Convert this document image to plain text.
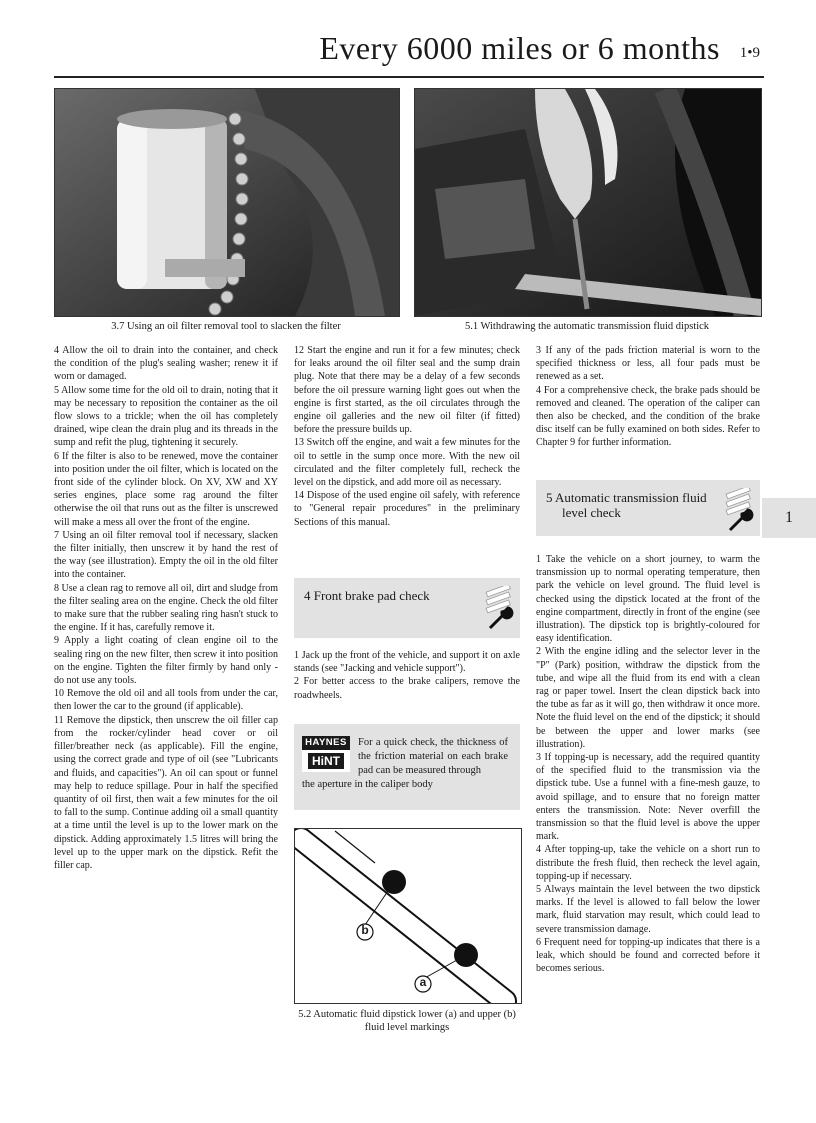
Every 6000 miles or 6 months 1•9
3.7 Using an oil filter removal tool to slacken the filter	5.1 Withdrawing the automatic transmission fluid dipstick

4 Allow the oil to drain into the container, and check the condition of the plug's sealing washer; renew it if worn or damaged.

5 Allow some time for the old oil to drain, noting that it may be necessary to reposition the container as the oil flow slows to a trickle; when the oil has completely drained, wipe clean the drain plug and its threads in the sump and refit the plug, tightening it securely.

6 If the filter is also to be renewed, move the container into position under the oil filter, which is located on the front side of the cylinder block. On XV, XW and XY series engines, place some rag around the filter otherwise the oil that runs out as the filter is unscrewed will make a mess all over the front of the engine.

7 Using an oil filter removal tool if necessary, slacken the filter initially, then unscrew it by hand the rest of the way (see illustration). Empty the oil in the old filter into the container.

8 Use a clean rag to remove all oil, dirt and sludge from the filter sealing area on the engine. Check the old filter to make sure that the rubber sealing ring hasn't stuck to the engine. If it has, carefully remove it.

9 Apply a light coating of clean engine oil to the sealing ring on the new filter, then screw it into position on the engine. Tighten the filter firmly by hand only - do not use any tools.

10 Remove the old oil and all tools from under the car, then lower the car to the ground (if applicable).

11 Remove the dipstick, then unscrew the oil filler cap from the rocker/cylinder head cover or oil filler/breather neck (as applicable). Fill the engine, using the correct grade and type of oil (see "Lubricants and fluids, and capacities"). An oil can spout or funnel may help to reduce spillage. Pour in half the specified quantity of oil first, then wait a few minutes for the oil to fall to the sump. Continue adding oil a small quantity at a time until the level is up to the lower mark on the dipstick. Adding approximately 1.5 litres will bring the level up to the upper mark on the dipstick. Refit the filler cap.

12 Start the engine and run it for a few minutes; check for leaks around the oil filter seal and the sump drain plug. Note that there may be a delay of a few seconds before the oil pressure warning light goes out when the engine is first started, as the oil circulates through the engine oil galleries and the new oil filter (if fitted) before the pressure builds up.

13 Switch off the engine, and wait a few minutes for the oil to settle in the sump once more. With the new oil circulated and the filter completely full, recheck the level on the dipstick, and add more oil as necessary.

14 Dispose of the used engine oil safely, with reference to "General repair procedures" in the preliminary Sections of this manual.

4 Front brake pad check

1 Jack up the front of the vehicle, and support it on axle stands (see "Jacking and vehicle support").

2 For better access to the brake calipers, remove the roadwheels.

HAYNES
HiNT
For a quick check, the thickness of the friction material on each brake pad can be measured through
the aperture in the caliper body
b
a
5.2 Automatic fluid dipstick lower (a) and upper (b) fluid level markings

3 If any of the pads friction material is worn to the specified thickness or less, all four pads must be renewed as a set.

4 For a comprehensive check, the brake pads should be removed and cleaned. The operation of the caliper can then also be checked, and the condition of the brake disc itself can be fully examined on both sides. Refer to Chapter 9 for further information.

5 Automatic transmission fluid
level check	1

1 Take the vehicle on a short journey, to warm the transmission up to normal operating temperature, then park the vehicle on level ground. The fluid level is checked using the dipstick located at the front of the engine compartment, directly in front of the engine (see illustration). The dipstick top is brightly-coloured for easy identification.

2 With the engine idling and the selector lever in the "P" (Park) position, withdraw the dipstick from the tube, and wipe all the fluid from its end with a clean rag or paper towel. Insert the clean dipstick back into the tube as far as it will go, then withdraw it once more. Note the fluid level on the end of the dipstick; it should be between the upper and lower marks (see illustration).

3 If topping-up is necessary, add the required quantity of the specified fluid to the transmission via the dipstick tube. Use a funnel with a fine-mesh gauze, to avoid spillage, and to ensure that no foreign matter enters the transmission. Note: Never overfill the transmission so that the fluid level is above the upper mark.

4 After topping-up, take the vehicle on a short run to distribute the fresh fluid, then recheck the level again, topping-up if necessary.

5 Always maintain the level between the two dipstick marks. If the level is allowed to fall below the lower mark, fluid starvation may result, which could lead to severe transmission damage.

6 Frequent need for topping-up indicates that there is a leak, which should be found and corrected before it becomes serious.
